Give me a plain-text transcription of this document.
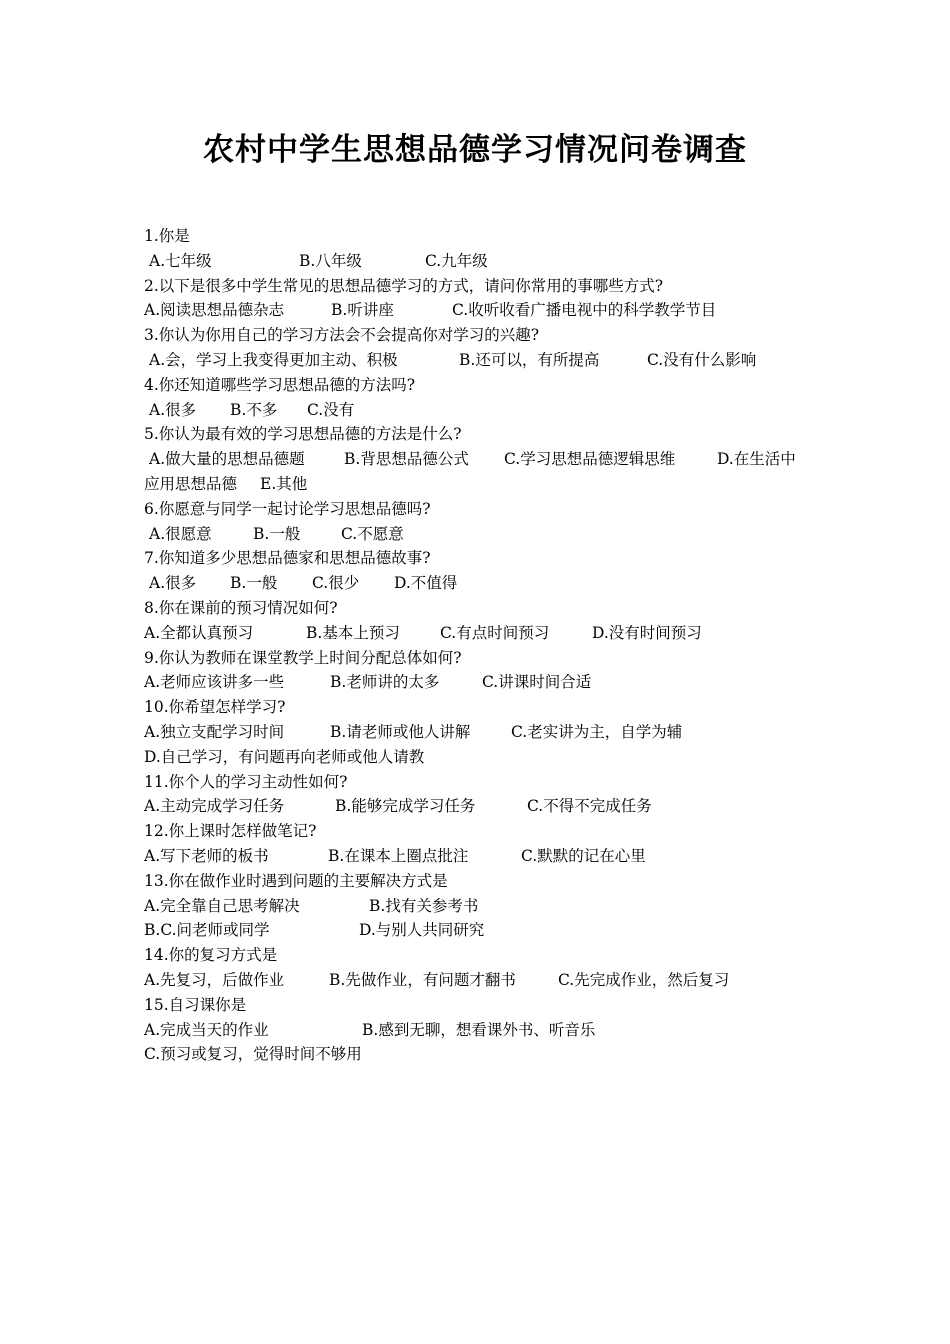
农村中学生思想品德学习情况问卷调查
1.你是
A.七年级	B.八年级	C.九年级
2.以下是很多中学生常见的思想品德学习的方式，请问你常用的事哪些方式?
A.阅读思想品德杂志	B.听讲座	C.收听收看广播电视中的科学教学节目
3.你认为你用自己的学习方法会不会提高你对学习的兴趣?
A.会，学习上我变得更加主动、积极	B.还可以，有所提高	C.没有什么影响
4.你还知道哪些学习思想品德的方法吗?
A.很多	B.不多	C.没有
5.你认为最有效的学习思想品德的方法是什么?
A.做大量的思想品德题	B.背思想品德公式	C.学习思想品德逻辑思维	D.在生活中
应用思想品德	E.其他
6.你愿意与同学一起讨论学习思想品德吗?
A.很愿意	B.一般	C.不愿意
7.你知道多少思想品德家和思想品德故事?
A.很多	B.一般	C.很少	D.不值得
8.你在课前的预习情况如何?
A.全都认真预习	B.基本上预习	C.有点时间预习	D.没有时间预习
9.你认为教师在课堂教学上时间分配总体如何?
A.老师应该讲多一些	B.老师讲的太多	C.讲课时间合适
10.你希望怎样学习?
A.独立支配学习时间	B.请老师或他人讲解	C.老实讲为主，自学为辅
D.自己学习，有问题再向老师或他人请教
11.你个人的学习主动性如何?
A.主动完成学习任务	B.能够完成学习任务	C.不得不完成任务
12.你上课时怎样做笔记?
A.写下老师的板书	B.在课本上圈点批注	C.默默的记在心里
13.你在做作业时遇到问题的主要解决方式是
A.完全靠自己思考解决	B.找有关参考书
B.C.问老师或同学	D.与别人共同研究
14.你的复习方式是
A.先复习，后做作业	B.先做作业，有问题才翻书	C.先完成作业，然后复习
15.自习课你是
A.完成当天的作业	B.感到无聊，想看课外书、听音乐
C.预习或复习，觉得时间不够用
